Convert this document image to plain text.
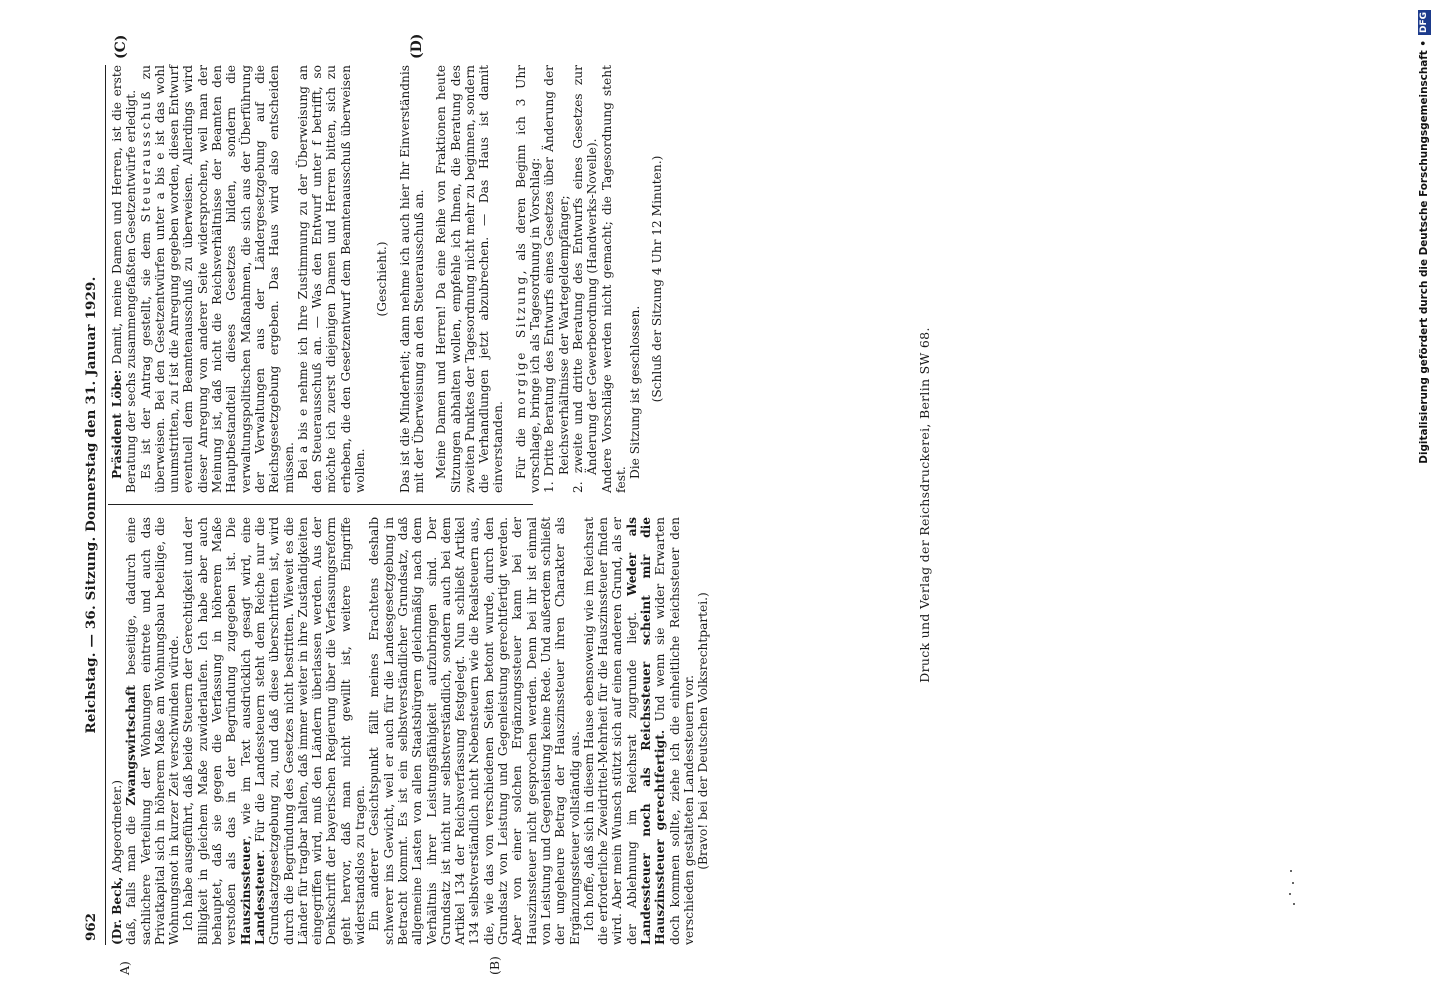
962
Reichstag. — 36. Sitzung. Donnerstag den 31. Januar 1929.
A)	(B)
(C)	(D)

(Dr. Beck, Abgeordneter.) daß, falls man die Zwangswirtschaft beseitige, dadurch eine sachlichere Verteilung der Wohnungen eintrete und auch das Privatkapital sich in höherem Maße am Wohnungsbau beteilige, die Wohnungsnot in kurzer Zeit verschwinden würde. Ich habe ausgeführt, daß beide Steuern der Gerechtigkeit und der Billigkeit in gleichem Maße zuwiderlaufen. Ich habe aber auch behauptet, daß sie gegen die Verfassung in höherem Maße verstoßen als das in der Begründung zugegeben ist. Die Hauszinssteuer, wie im Text ausdrücklich gesagt wird, eine Landessteuer. Für die Landessteuern steht dem Reiche nur die Grundsatzgesetzgebung zu, und daß diese überschritten ist, wird durch die Begründung des Gesetzes nicht bestritten. Wieweit es die Länder für tragbar halten, daß immer weiter in ihre Zuständigkeiten eingegriffen wird, muß den Ländern überlassen werden. Aus der Denkschrift der bayerischen Regierung über die Verfassungsreform geht hervor, daß man nicht gewillt ist, weitere Eingriffe widerstandslos zu tragen. Ein anderer Gesichtspunkt fällt meines Erachtens deshalb schwerer ins Gewicht, weil er auch für die Landesgesetzgebung in Betracht kommt. Es ist ein selbstverständlicher Grundsatz, daß allgemeine Lasten von allen Staatsbürgern gleichmäßig nach dem Verhältnis ihrer Leistungsfähigkeit aufzubringen sind. Der Grundsatz ist nicht nur selbstverständlich, sondern auch bei dem Artikel 134 der Reichsverfassung festgelegt. Nun schließt Artikel 134 selbstverständlich nicht Nebensteuern wie die Realsteuern aus, die, wie das von verschiedenen Seiten betont wurde, durch den Grundsatz von Leistung und Gegenleistung gerechtfertigt werden. Aber von einer solchen Ergänzungssteuer kann bei der Hauszinssteuer nicht gesprochen werden. Denn bei ihr ist einmal von Leistung und Gegenleistung keine Rede. Und außerdem schließt der ungeheure Betrag der Hauszinssteuer ihren Charakter als Ergänzungssteuer vollständig aus. Ich hoffe, daß sich in diesem Hause ebensowenig wie im Reichsrat die erforderliche Zweidrittel-Mehrheit für die Hauszinssteuer finden wird. Aber mein Wunsch stützt sich auf einen anderen Grund, als er der Ablehnung im Reichsrat zugrunde liegt. Weder als Landessteuer noch als Reichssteuer scheint mir die Hauszinssteuer gerechtfertigt. Und wenn sie wider Erwarten doch kommen sollte, ziehe ich die einheitliche Reichssteuer den verschieden gestalteten Landessteuern vor. (Bravo! bei der Deutschen Volksrechtpartei.)

Präsident Löbe: Damit, meine Damen und Herren, ist die erste Beratung der sechs zusammengefaßten Gesetzentwürfe erledigt. Es ist der Antrag gestellt, sie dem Steuerausschuß zu überweisen. Bei den Gesetzentwürfen unter a bis e ist das wohl unumstritten, zu f ist die Anregung gegeben worden, diesen Entwurf eventuell dem Beamtenausschuß zu überweisen. Allerdings wird dieser Anregung von anderer Seite widersprochen, weil man der Meinung ist, daß nicht die Reichsverhältnisse der Beamten den Hauptbestandteil dieses Gesetzes bilden, sondern die verwaltungspolitischen Maßnahmen, die sich aus der Überführung der Verwaltungen aus der Ländergesetzgebung auf die Reichsgesetzgebung ergeben. Das Haus wird also entscheiden müssen. Bei a bis e nehme ich Ihre Zustimmung zu der Überweisung an den Steuerausschuß an. — Was den Entwurf unter f betrifft, so möchte ich zuerst diejenigen Damen und Herren bitten, sich zu erheben, die den Gesetzentwurf dem Beamtenausschuß überweisen wollen.

(Geschieht.) Das ist die Minderheit; dann nehme ich auch hier Ihr Einverständnis mit der Überweisung an den Steuerausschuß an. Meine Damen und Herren! Da eine Reihe von Fraktionen heute Sitzungen abhalten wollen, empfehle ich Ihnen, die Beratung des zweiten Punktes der Tagesordnung nicht mehr zu beginnen, sondern die Verhandlungen jetzt abzubrechen. — Das Haus ist damit einverstanden. Für die morgige Sitzung, als deren Beginn ich 3 Uhr vorschlage, bringe ich als Tagesordnung in Vorschlag: 1. Dritte Beratung des Entwurfs eines Gesetzes über Änderung der Reichsverhältnisse der Wartegeldempfänger; 2. zweite und dritte Beratung des Entwurfs eines Gesetzes zur Änderung der Gewerbeordnung (Handwerks-Novelle). Andere Vorschläge werden nicht gemacht; die Tagesordnung steht fest.

Die Sitzung ist geschlossen. (Schluß der Sitzung 4 Uhr 12 Minuten.)

Druck und Verlag der Reichsdruckerei, Berlin SW 68.
Digitalisierung gefördert durch die Deutsche Forschungsgemeinschaft •
DFG
